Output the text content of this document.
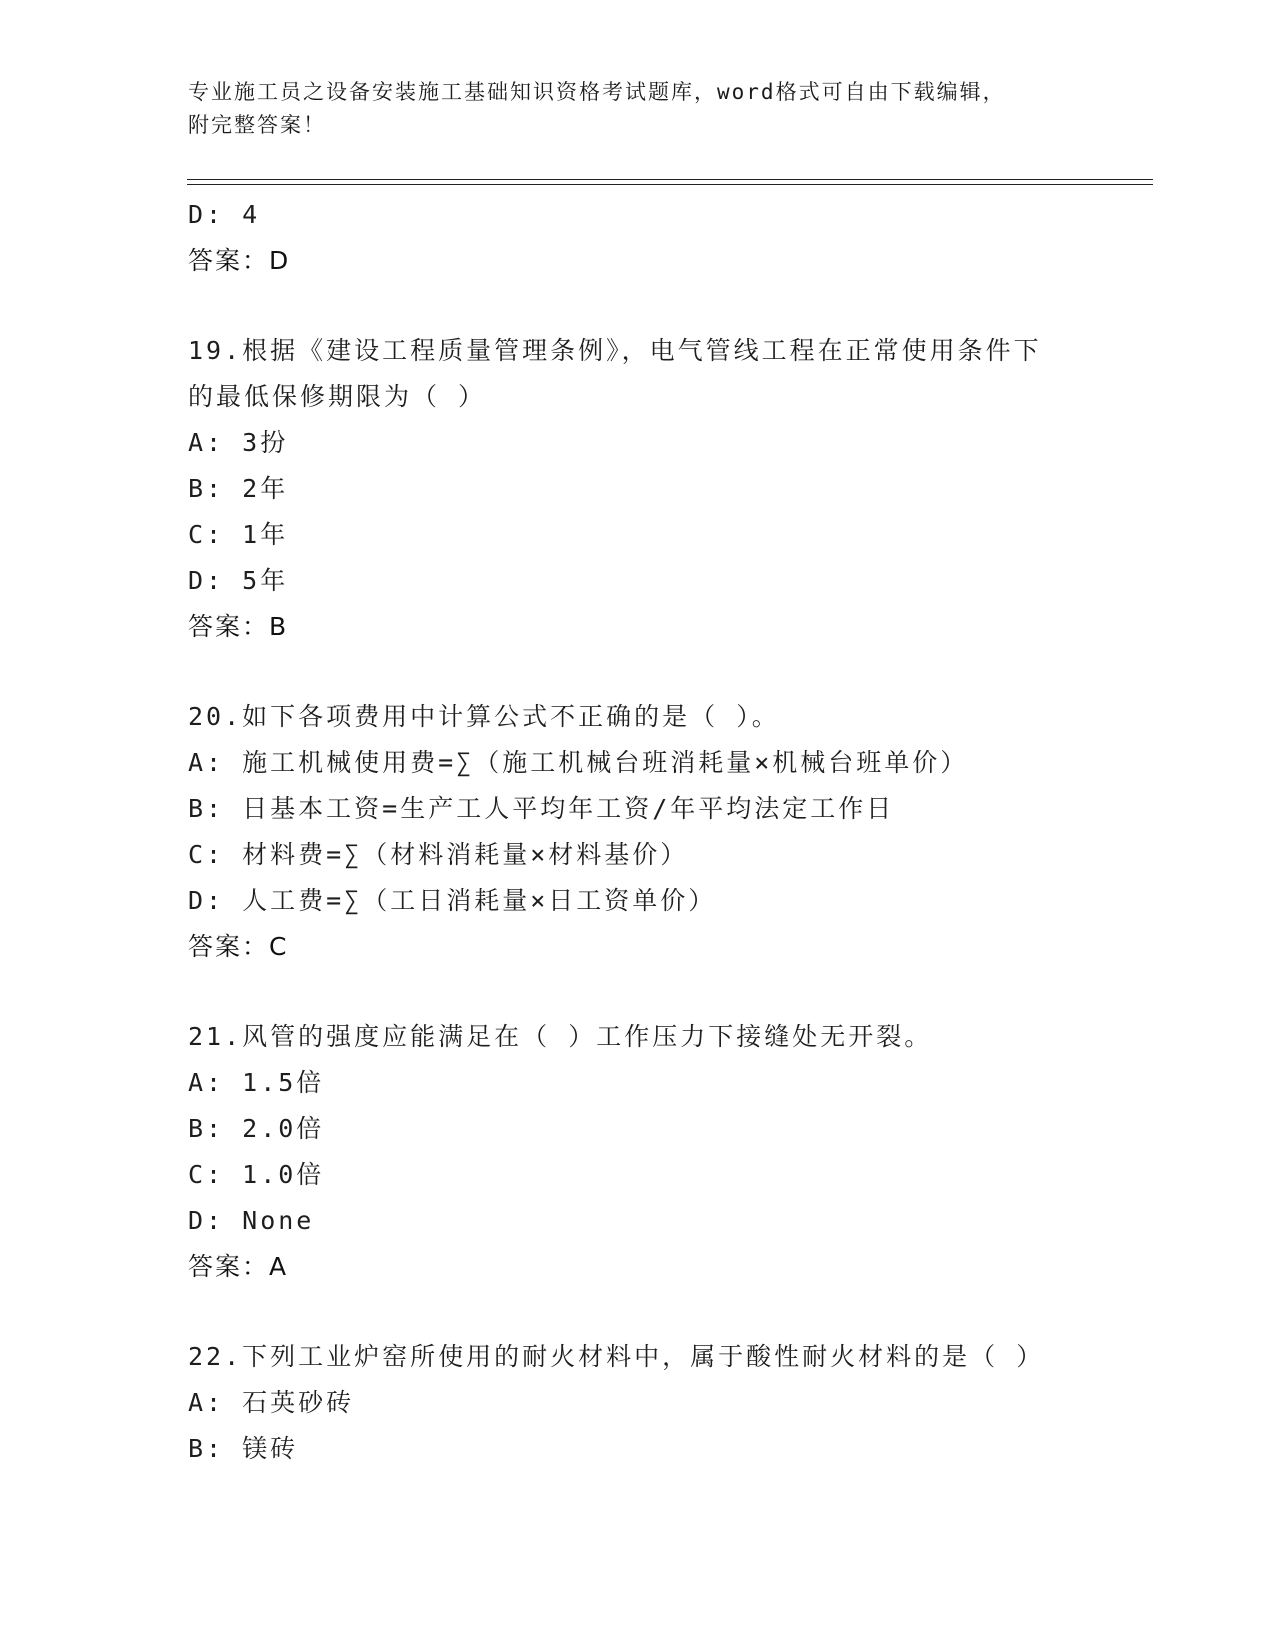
专业施工员之设备安装施工基础知识资格考试题库，word格式可自由下载编辑，
附完整答案！
D: 4
答案：D
19.根据《建设工程质量管理条例》，电气管线工程在正常使用条件下
的最低保修期限为（ ）
A: 3扮
B: 2年
C: 1年
D: 5年
答案：B
20.如下各项费用中计算公式不正确的是（ ）。
A: 施工机械使用费=∑（施工机械台班消耗量×机械台班单价）
B: 日基本工资=生产工人平均年工资/年平均法定工作日
C: 材料费=∑（材料消耗量×材料基价）
D: 人工费=∑（工日消耗量×日工资单价）
答案：C
21.风管的强度应能满足在（ ）工作压力下接缝处无开裂。
A: 1.5倍
B: 2.0倍
C: 1.0倍
D: None
答案：A
22.下列工业炉窑所使用的耐火材料中，属于酸性耐火材料的是（ ）
A: 石英砂砖
B: 镁砖
